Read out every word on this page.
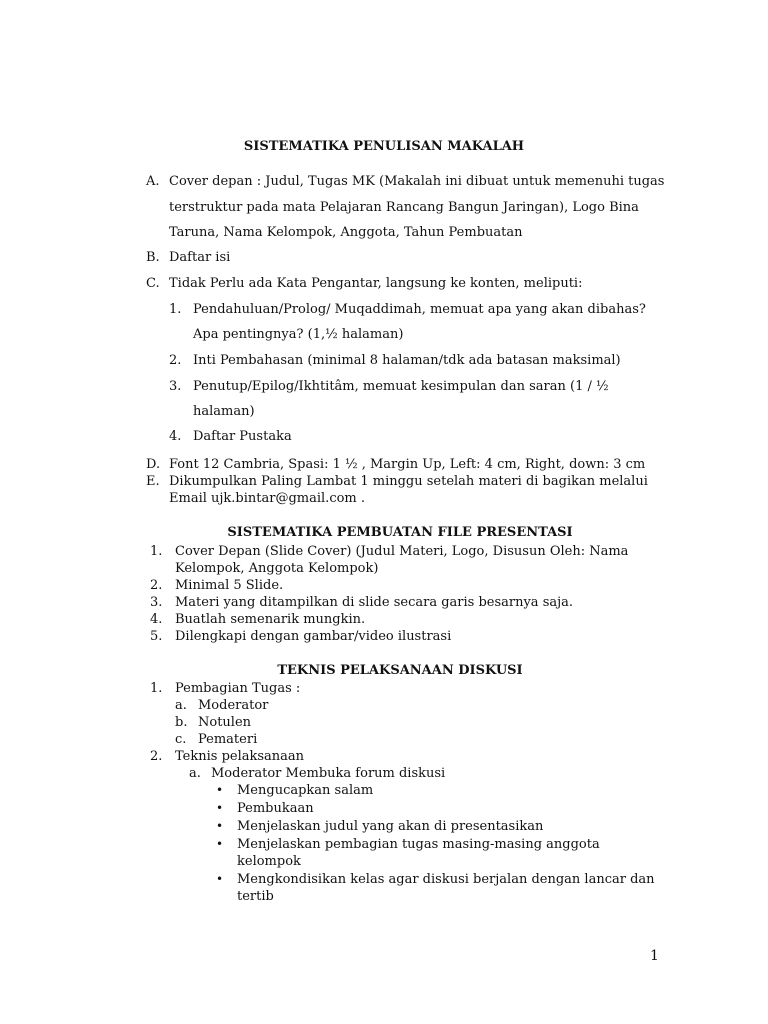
SISTEMATIKA PENULISAN MAKALAH
A. Cover depan : Judul, Tugas MK (Makalah ini dibuat untuk memenuhi tugas
terstruktur pada mata Pelajaran Rancang Bangun Jaringan), Logo Bina
Taruna, Nama Kelompok, Anggota, Tahun Pembuatan
B. Daftar isi
C. Tidak Perlu ada Kata Pengantar, langsung ke konten, meliputi:
1. Pendahuluan/Prolog/ Muqaddimah, memuat apa yang akan dibahas?
Apa pentingnya? (1,½ halaman)
2. Inti Pembahasan (minimal 8 halaman/tdk ada batasan maksimal)
3. Penutup/Epilog/Ikhtitâm, memuat kesimpulan dan saran (1 / ½
halaman)
4. Daftar Pustaka
D. Font 12 Cambria, Spasi: 1 ½ , Margin Up, Left: 4 cm, Right, down: 3 cm
E. Dikumpulkan Paling Lambat 1 minggu setelah materi di bagikan melalui
Email ujk.bintar@gmail.com .
SISTEMATIKA PEMBUATAN FILE PRESENTASI
1. Cover Depan (Slide Cover) (Judul Materi, Logo, Disusun Oleh: Nama
Kelompok, Anggota Kelompok)
2. Minimal 5 Slide.
3. Materi yang ditampilkan di slide secara garis besarnya saja.
4. Buatlah semenarik mungkin.
5. Dilengkapi dengan gambar/video ilustrasi
TEKNIS PELAKSANAAN DISKUSI
1. Pembagian Tugas :
a. Moderator
b. Notulen
c. Pemateri
2. Teknis pelaksanaan
a. Moderator Membuka forum diskusi
• Mengucapkan salam
• Pembukaan
• Menjelaskan judul yang akan di presentasikan
• Menjelaskan pembagian tugas masing-masing anggota
kelompok
• Mengkondisikan kelas agar diskusi berjalan dengan lancar dan
tertib
1
